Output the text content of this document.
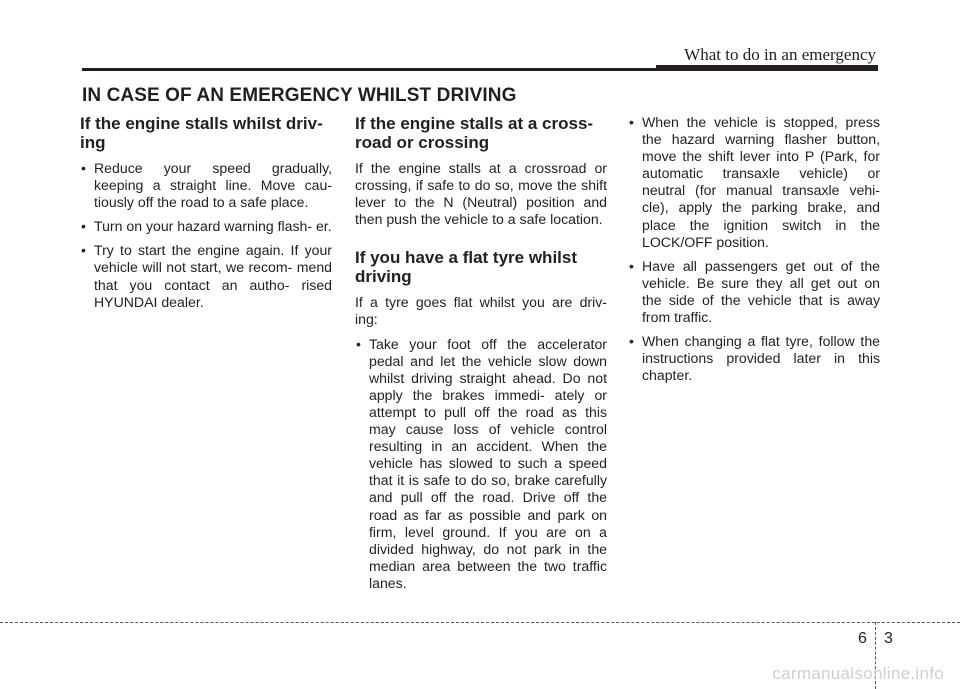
What to do in an emergency
IN CASE OF AN EMERGENCY WHILST DRIVING
If the engine stalls whilst driv-
ing
• Reduce your speed gradually, keeping a straight line. Move cau- tiously off the road to a safe place.
• Turn on your hazard warning flash- er.
• Try to start the engine again. If your vehicle will not start, we recom- mend that you contact an autho- rised HYUNDAI dealer.
If the engine stalls at a cross- road or crossing

If the engine stalls at a crossroad or crossing, if safe to do so, move the shift lever to the N (Neutral) position and then push the vehicle to a safe location.

If you have a flat tyre whilst driving

If a tyre goes flat whilst you are driv- ing:

• Take your foot off the accelerator pedal and let the vehicle slow down whilst driving straight ahead. Do not apply the brakes immedi- ately or attempt to pull off the road as this may cause loss of vehicle control resulting in an accident. When the vehicle has slowed to such a speed that it is safe to do so, brake carefully and pull off the road. Drive off the road as far as possible and park on firm, level ground. If you are on a divided highway, do not park in the median area between the two traffic lanes.
• When the vehicle is stopped, press the hazard warning flasher button, move the shift lever into P (Park, for automatic transaxle vehicle) or neutral (for manual transaxle vehi- cle), apply the parking brake, and place the ignition switch in the LOCK/OFF position.
• Have all passengers get out of the vehicle. Be sure they all get out on the side of the vehicle that is away from traffic.
• When changing a flat tyre, follow the instructions provided later in this chapter.
6 3
carmanualsonline.info
